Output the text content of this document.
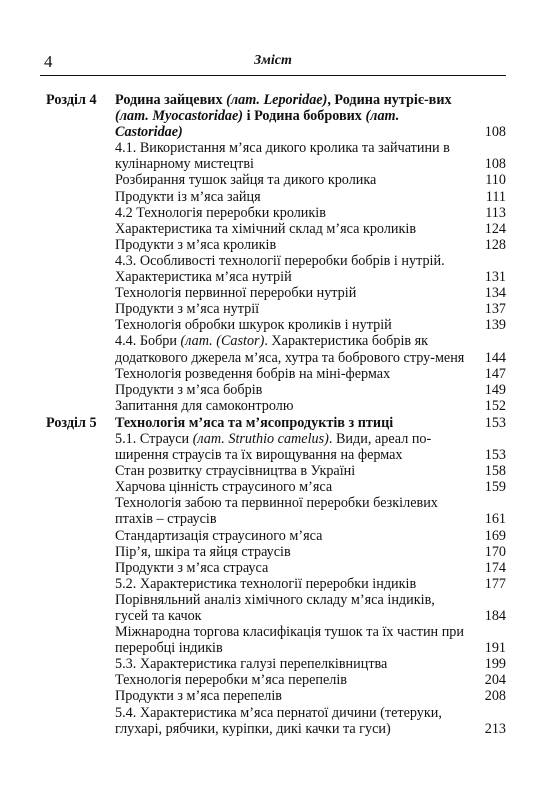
4	Зміст
Розділ 4 Родина зайцевих (лат. Leporidae), Родина нутріє-вих (лат. Myocastoridae) і Родина бобрових (лат. Castoridae)	108
4.1. Використання м’яса дикого кролика та зайчатини в кулінарному мистецтві	108
Розбирання тушок зайця та дикого кролика	110
Продукти із м’яса зайця	111
4.2 Технологія переробки кроликів	113
Характеристика та хімічний склад м’яса кроликів	124
Продукти з м’яса кроликів	128
4.3. Особливості технології переробки бобрів і нутрій.
Характеристика м’яса нутрій	131
Технологія первинної переробки нутрій	134
Продукти з м’яса нутрії	137
Технологія обробки шкурок кроликів і нутрій	139
4.4. Бобри (лат. (Castor). Характеристика бобрів як додаткового джерела м’яса, хутра та бобрового стру-меня	144
Технологія розведення бобрів на міні-фермах	147
Продукти з м’яса бобрів	149
Запитання для самоконтролю	152
Розділ 5 Технологія м’яса та м’ясопродуктів з птиці	153
5.1. Страуси (лат. Struthio camelus). Види, ареал по-ширення страусів та їх вирощування на фермах	153
Стан розвитку страусівництва в Україні	158
Харчова цінність страусиного м’яса	159
Технологія забою та первинної переробки безкілевих птахів – страусів	161
Стандартизація страусиного м’яса	169
Пір’я, шкіра та яйця страусів	170
Продукти з м’яса страуса	174
5.2. Характеристика технології переробки індиків	177
Порівняльний аналіз хімічного складу м’яса індиків, гусей та качок	184
Міжнародна торгова класифікація тушок та їх частин при переробці індиків	191
5.3. Характеристика галузі перепелківництва	199
Технологія переробки м’яса перепелів	204
Продукти з м’яса перепелів	208
5.4. Характеристика м’яса пернатої дичини (тетеруки, глухарі, рябчики, куріпки, дикі качки та гуси)	213
